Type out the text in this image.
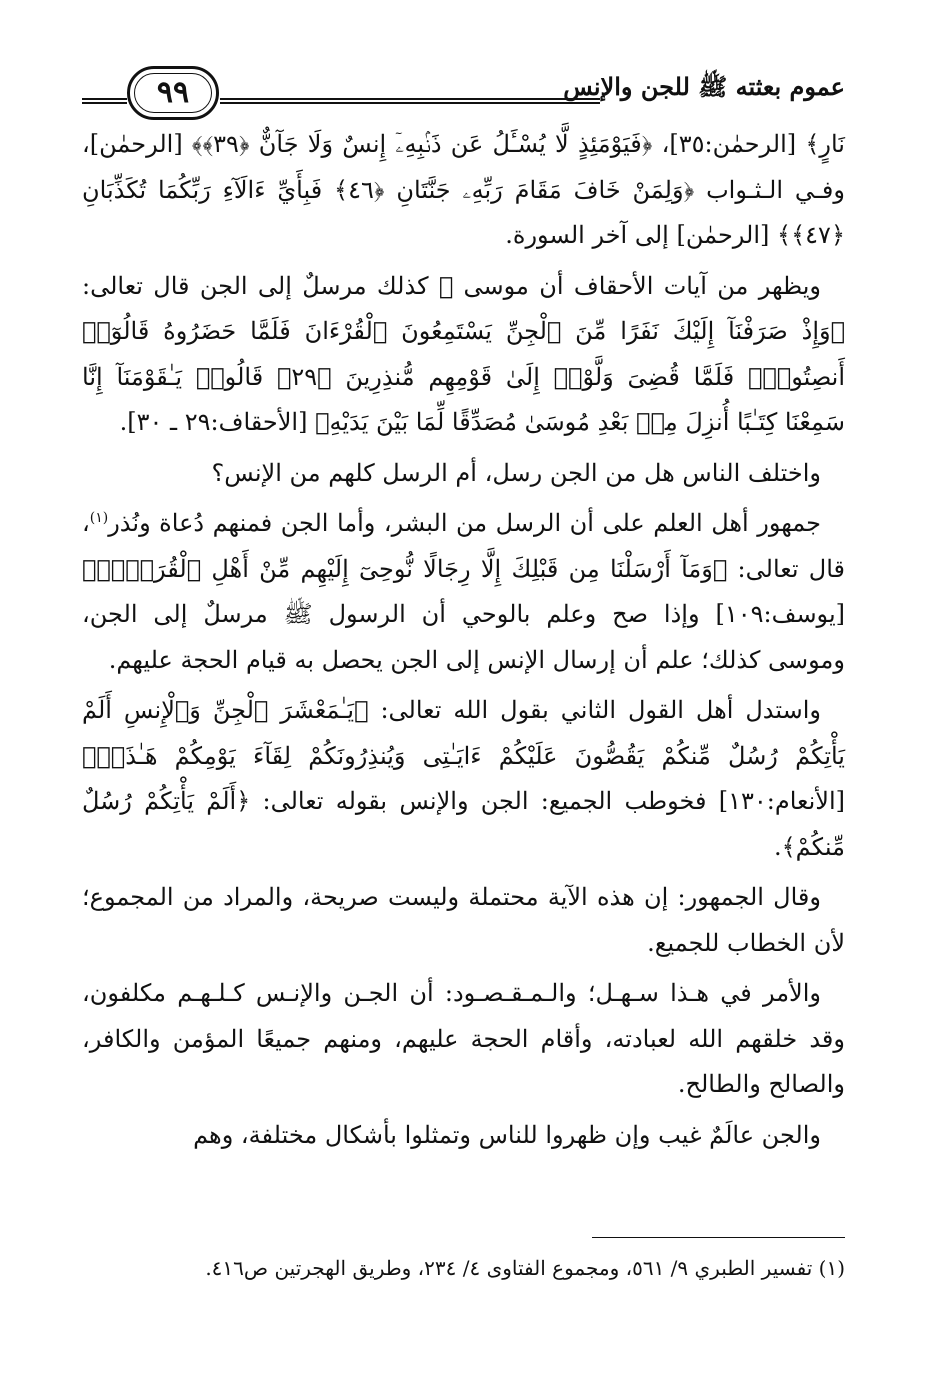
عموم بعثته ﷺ للجن والإنس
٩٩

نَارٍ﴾ [الرحمٰن:٣٥]، ﴿فَيَوْمَئِذٍ لَّا يُسْـَٔلُ عَن ذَنۢبِهِۦٓ إِنسٌ وَلَا جَآنٌّ ﴿٣٩﴾﴾ [الرحمٰن]، وفـي الـثـواب ﴿وَلِمَنْ خَافَ مَقَامَ رَبِّهِۦ جَنَّتَانِ ﴿٤٦﴾ فَبِأَيِّ ءَالَآءِ رَبِّكُمَا تُكَذِّبَانِ ﴿٤٧﴾﴾ [الرحمٰن] إلى آخر السورة.

ويظهر من آيات الأحقاف أن موسى ﷺ كذلك مرسلٌ إلى الجن قال تعالى: ﴿وَإِذْ صَرَفْنَآ إِلَيْكَ نَفَرًا مِّنَ ٱلْجِنِّ يَسْتَمِعُونَ ٱلْقُرْءَانَ فَلَمَّا حَضَرُوهُ قَالُوٓا۟ أَنصِتُوا۟ۖ فَلَمَّا قُضِىَ وَلَّوْا۟ إِلَىٰ قَوْمِهِم مُّنذِرِينَ ﴿٢٩﴾ قَالُوا۟ يَـٰقَوْمَنَآ إِنَّا سَمِعْنَا كِتَـٰبًا أُنزِلَ مِنۢ بَعْدِ مُوسَىٰ مُصَدِّقًا لِّمَا بَيْنَ يَدَيْهِ﴾ [الأحقاف:٢٩ ـ ٣٠].

واختلف الناس هل من الجن رسل، أم الرسل كلهم من الإنس؟

جمهور أهل العلم على أن الرسل من البشر، وأما الجن فمنهم دُعاة ونُذر$^{(١)}$، قال تعالى: ﴿وَمَآ أَرْسَلْنَا مِن قَبْلِكَ إِلَّا رِجَالًا نُّوحِىٓ إِلَيْهِم مِّنْ أَهْلِ ٱلْقُرَىٰٓۗ﴾ [يوسف:١٠٩] وإذا صح وعلم بالوحي أن الرسول ﷺ مرسلٌ إلى الجن، وموسى كذلك؛ علم أن إرسال الإنس إلى الجن يحصل به قيام الحجة عليهم.

واستدل أهل القول الثاني بقول الله تعالى: ﴿يَـٰمَعْشَرَ ٱلْجِنِّ وَٱلْإِنسِ أَلَمْ يَأْتِكُمْ رُسُلٌ مِّنكُمْ يَقُصُّونَ عَلَيْكُمْ ءَايَـٰتِى وَيُنذِرُونَكُمْ لِقَآءَ يَوْمِكُمْ هَـٰذَاۚ﴾ [الأنعام:١٣٠] فخوطب الجميع: الجن والإنس بقوله تعالى: ﴿أَلَمْ يَأْتِكُمْ رُسُلٌ مِّنكُمْ﴾.

وقال الجمهور: إن هذه الآية محتملة وليست صريحة، والمراد من المجموع؛ لأن الخطاب للجميع.

والأمر في هـذا سـهـل؛ والـمـقـصـود: أن الجـن والإنـس كـلـهـم مكلفون، وقد خلقهم الله لعبادته، وأقام الحجة عليهم، ومنهم جميعًا المؤمن والكافر، والصالح والطالح.

والجن عالَمٌ غيب وإن ظهروا للناس وتمثلوا بأشكال مختلفة، وهم

(١) تفسير الطبري ٩/ ٥٦١، ومجموع الفتاوى ٤/ ٢٣٤، وطريق الهجرتين ص٤١٦.
